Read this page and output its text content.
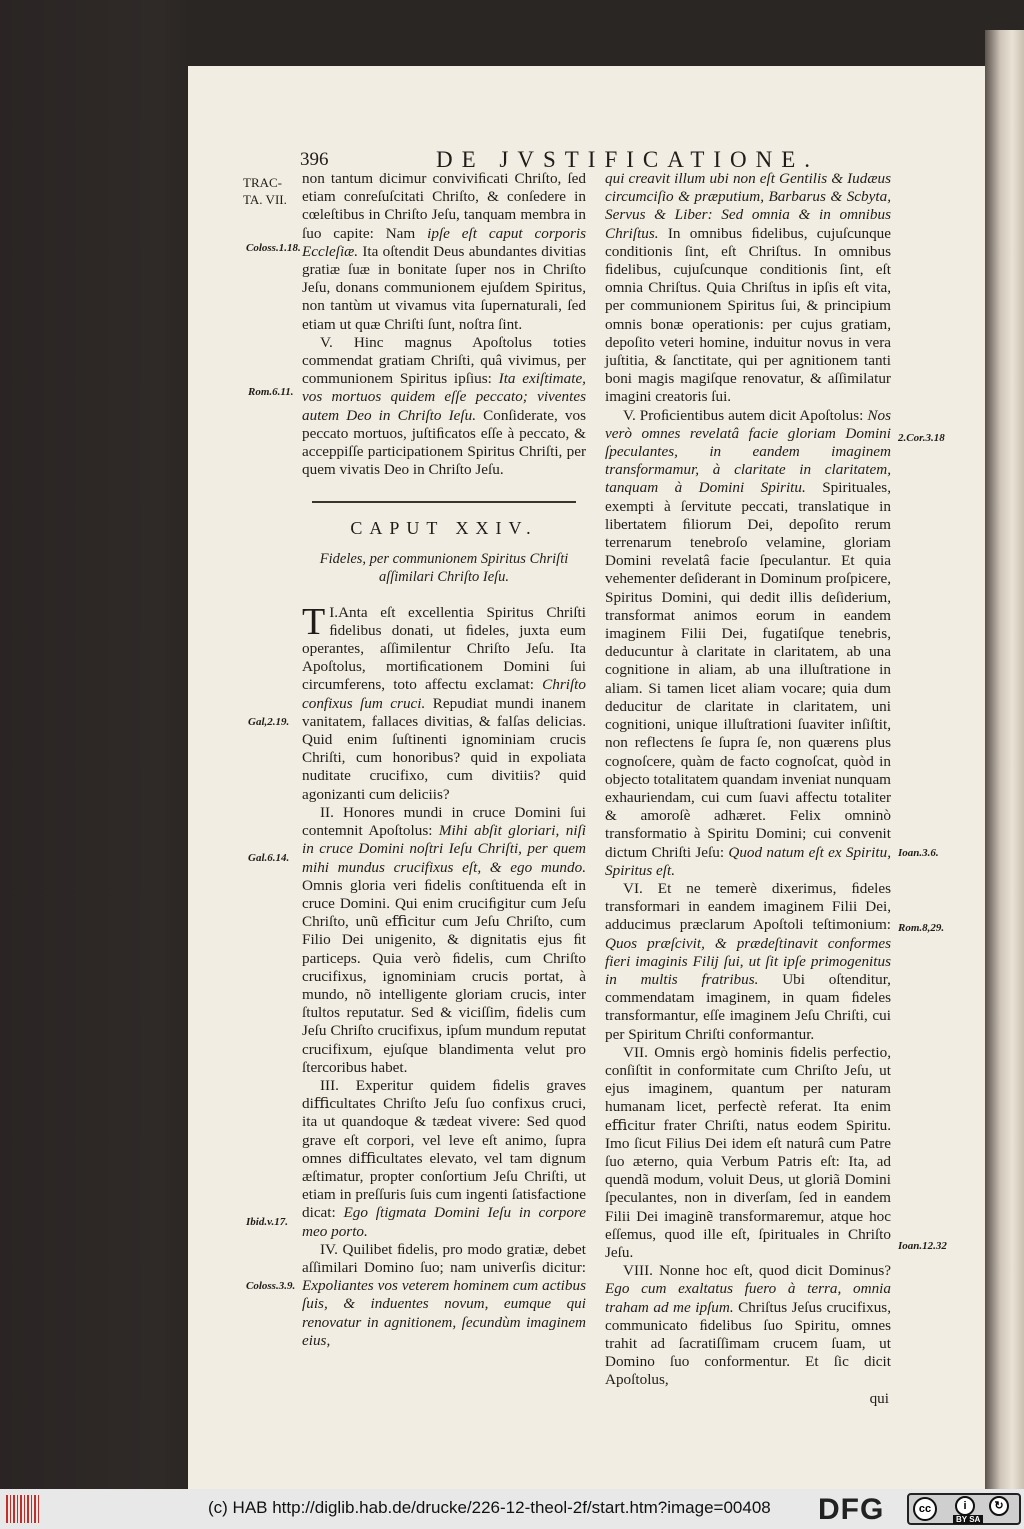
396	DE JVSTIFICATIONE.
TRAC-TA. VII.
Coloss.1.18.
Rom.6.11.
Gal,2.19.
Gal.6.14.
Ibid.v.17.
Coloss.3.9.
2.Cor.3.18
Ioan.3.6.
Rom.8,29.
Ioan.12.32

non tantum dicimur conviviﬁcati Chriſto, ſed etiam conreſuſcitati Chriſto, & conſedere in cœleſtibus in Chriſto Jeſu, tanquam membra in ſuo capite: Nam ipſe eſt caput corporis Eccleſiæ. Ita oſtendit Deus abundantes divitias gratiæ ſuæ in bonitate ſuper nos in Chriſto Jeſu, donans communionem ejuſdem Spiritus, non tantùm ut vivamus vita ſupernaturali, ſed etiam ut quæ Chriſti ſunt, noſtra ſint.

V. Hinc magnus Apoſtolus toties commendat gratiam Chriſti, quâ vivimus, per communionem Spiritus ipſius: Ita exiſtimate, vos mortuos quidem eſſe peccato; viventes autem Deo in Chriſto Ieſu. Conſiderate, vos peccato mortuos, juſtiﬁcatos eſſe à peccato, & acceppiſſe participationem Spiritus Chriſti, per quem vivatis Deo in Chriſto Jeſu.

CAPUT XXIV.
Fideles, per communionem Spiritus Chriſti aſſimilari Chriſto Ieſu.

I.
T Anta eſt excellentia Spiritus Chriſti ﬁdelibus donati, ut ﬁdeles, juxta eum operantes, aſſimilentur Chriſto Jeſu. Ita Apoſtolus, mortiﬁcationem Domini ſui circumferens, toto affectu exclamat: Chriſto confixus ſum cruci. Repudiat mundi inanem vanitatem, fallaces divitias, & falſas delicias. Quid enim ſuſtinenti ignominiam crucis Chriſti, cum honoribus? quid in expoliata nuditate crucifixo, cum divitiis? quid agonizanti cum deliciis?

II. Honores mundi in cruce Domini ſui contemnit Apoſtolus: Mihi abſit gloriari, niſi in cruce Domini noſtri Ieſu Chriſti, per quem mihi mundus crucifixus eſt, & ego mundo. Omnis gloria veri ﬁdelis conſtituenda eſt in cruce Domini. Qui enim cruciﬁgitur cum Jeſu Chriſto, unũ eﬃcitur cum Jeſu Chriſto, cum Filio Dei unigenito, & dignitatis ejus ﬁt particeps. Quia verò ﬁdelis, cum Chriſto crucifixus, ignominiam crucis portat, à mundo, nõ intelligente gloriam crucis, inter ſtultos reputatur. Sed & viciſſim, ﬁdelis cum Jeſu Chriſto crucifixus, ipſum mundum reputat crucifixum, ejuſque blandimenta velut pro ſtercoribus habet.

III. Experitur quidem ﬁdelis graves diﬃcultates Chriſto Jeſu ſuo confixus cruci, ita ut quandoque & tædeat vivere: Sed quod grave eſt corpori, vel leve eſt animo, ſupra omnes diﬃcultates elevato, vel tam dignum æſtimatur, propter conſortium Jeſu Chriſti, ut etiam in preſſuris ſuis cum ingenti ſatisfactione dicat: Ego ſtigmata Domini Ieſu in corpore meo porto.

IV. Quilibet ﬁdelis, pro modo gratiæ, debet aſſimilari Domino ſuo; nam univerſis dicitur: Expoliantes vos veterem hominem cum actibus ſuis, & induentes novum, eumque qui renovatur in agnitionem, ſecundùm imaginem eius,

qui creavit illum ubi non eſt Gentilis & Iudæus circumciſio & præputium, Barbarus & Scbyta, Servus & Liber: Sed omnia & in omnibus Chriſtus. In omnibus ﬁdelibus, cujuſcunque conditionis ſint, eſt Chriſtus. In omnibus ﬁdelibus, cujuſcunque conditionis ſint, eſt omnia Chriſtus. Quia Chriſtus in ipſis eſt vita, per communionem Spiritus ſui, & principium omnis bonæ operationis: per cujus gratiam, depoſito veteri homine, induitur novus in vera juſtitia, & ſanctitate, qui per agnitionem tanti boni magis magiſque renovatur, & aſſimilatur imagini creatoris ſui.

V. Proﬁcientibus autem dicit Apoſtolus: Nos verò omnes revelatâ facie gloriam Domini ſpeculantes, in eandem imaginem transformamur, à claritate in claritatem, tanquam à Domini Spiritu. Spirituales, exempti à ſervitute peccati, translatique in libertatem ﬁliorum Dei, depoſito rerum terrenarum tenebroſo velamine, gloriam Domini revelatâ facie ſpeculantur. Et quia vehementer deſiderant in Dominum proſpicere, Spiritus Domini, qui dedit illis deſiderium, transformat animos eorum in eandem imaginem Filii Dei, fugatiſque tenebris, deducuntur à claritate in claritatem, ab una cognitione in aliam, ab una illuſtratione in aliam. Si tamen licet aliam vocare; quia dum deducitur de claritate in claritatem, uni cognitioni, unique illuſtrationi ſuaviter inſiſtit, non reflectens ſe ſupra ſe, non quærens plus cognoſcere, quàm de facto cognoſcat, quòd in objecto totalitatem quandam inveniat nunquam exhauriendam, cui cum ſuavi affectu totaliter & amoroſè adhæret. Felix omninò transformatio à Spiritu Domini; cui convenit dictum Chriſti Jeſu: Quod natum eſt ex Spiritu, Spiritus eſt.

VI. Et ne temerè dixerimus, ﬁdeles transformari in eandem imaginem Filii Dei, adducimus præclarum Apoſtoli teſtimonium: Quos præſcivit, & prædeſtinavit conformes fieri imaginis Filij ſui, ut ſit ipſe primogenitus in multis fratribus. Ubi oſtenditur, commendatam imaginem, in quam ﬁdeles transformantur, eſſe imaginem Jeſu Chriſti, cui per Spiritum Chriſti conformantur.

VII. Omnis ergò hominis ﬁdelis perfectio, conſiſtit in conformitate cum Chriſto Jeſu, ut ejus imaginem, quantum per naturam humanam licet, perfectè referat. Ita enim eﬃcitur frater Chriſti, natus eodem Spiritu. Imo ſicut Filius Dei idem eſt naturâ cum Patre ſuo æterno, quia Verbum Patris eſt: Ita, ad quendã modum, voluit Deus, ut gloriã Domini ſpeculantes, non in diverſam, ſed in eandem Filii Dei imaginẽ transformaremur, atque hoc eſſemus, quod ille eſt, ſpirituales in Chriſto Jeſu.

VIII. Nonne hoc eſt, quod dicit Dominus? Ego cum exaltatus fuero à terra, omnia traham ad me ipſum. Chriſtus Jeſus crucifixus, communicato ﬁdelibus ſuo Spiritu, omnes trahit ad ſacratiſſimam crucem ſuam, ut Domino ſuo conformentur. Et ſic dicit Apoſtolus,

qui

(c) HAB http://diglib.hab.de/drucke/226-12-theol-2f/start.htm?image=00408 DFG	cc	i	↻
BY SA
